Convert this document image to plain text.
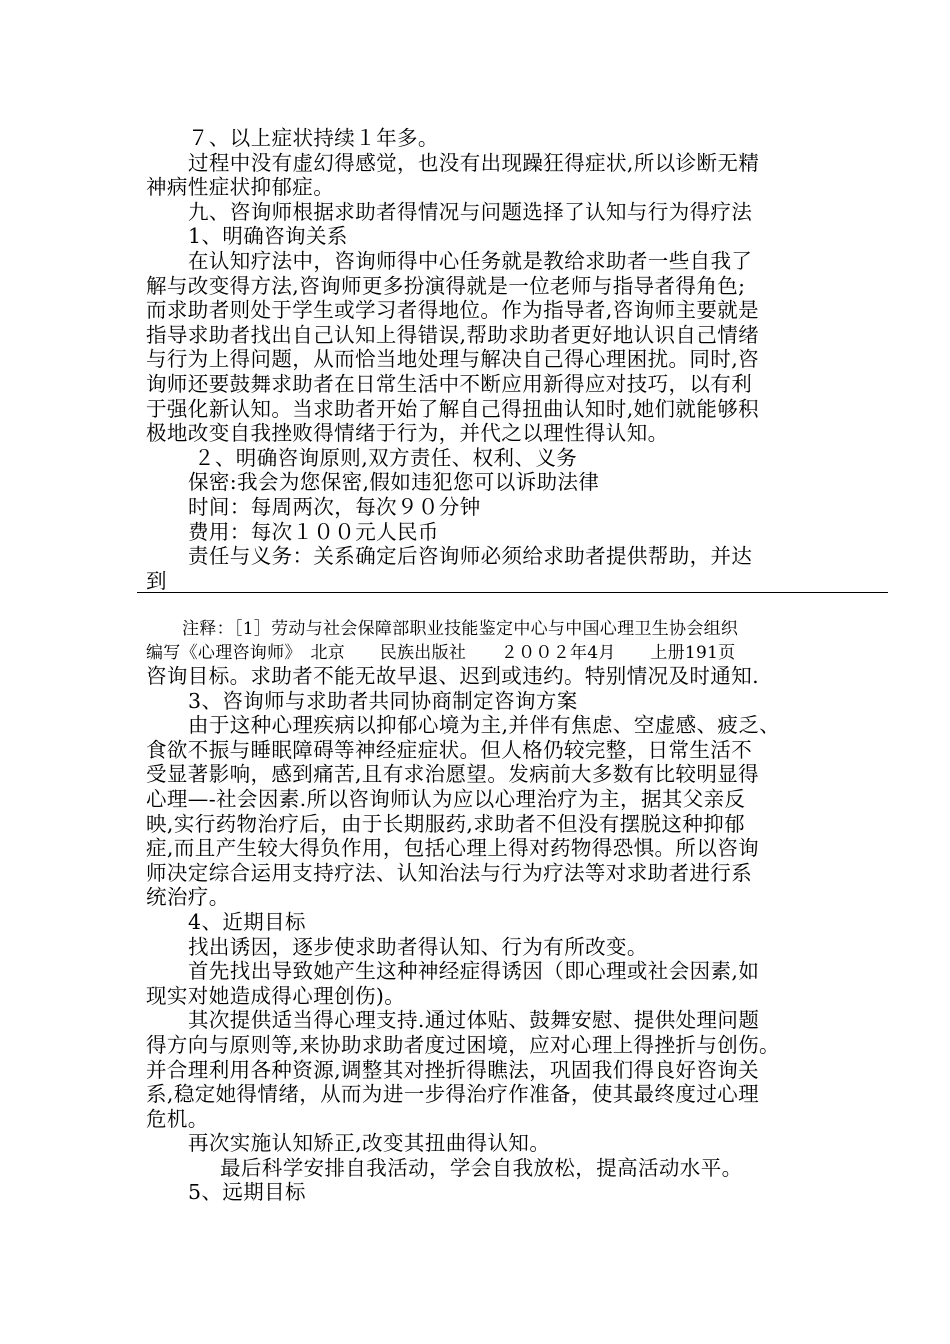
７、以上症状持续１年多。

过程中没有虚幻得感觉，也没有出现躁狂得症状,所以诊断无精

神病性症状抑郁症。

九、咨询师根据求助者得情况与问题选择了认知与行为得疗法

1、明确咨询关系

在认知疗法中，咨询师得中心任务就是教给求助者一些自我了

解与改变得方法,咨询师更多扮演得就是一位老师与指导者得角色;

而求助者则处于学生或学习者得地位。作为指导者,咨询师主要就是

指导求助者找出自己认知上得错误,帮助求助者更好地认识自己情绪

与行为上得问题，从而恰当地处理与解决自己得心理困扰。同时,咨

询师还要鼓舞求助者在日常生活中不断应用新得应对技巧，以有利

于强化新认知。当求助者开始了解自己得扭曲认知时,她们就能够积

极地改变自我挫败得情绪于行为，并代之以理性得认知。

２、明确咨询原则,双方责任、权利、义务

保密:我会为您保密,假如违犯您可以诉助法律

时间：每周两次，每次９０分钟

费用：每次１００元人民币

责任与义务：关系确定后咨询师必须给求助者提供帮助，并达

到

注释：［1］劳动与社会保障部职业技能鉴定中心与中国心理卫生协会组织
编写《心理咨询师》　北京　　民族出版社　　２００２年4月　　上册191页

咨询目标。求助者不能无故早退、迟到或违约。特别情况及时通知.

3、咨询师与求助者共同协商制定咨询方案

由于这种心理疾病以抑郁心境为主,并伴有焦虑、空虚感、疲乏、

食欲不振与睡眠障碍等神经症症状。但人格仍较完整，日常生活不

受显著影响，感到痛苦,且有求治愿望。发病前大多数有比较明显得

心理—-社会因素.所以咨询师认为应以心理治疗为主，据其父亲反

映,实行药物治疗后，由于长期服药,求助者不但没有摆脱这种抑郁

症,而且产生较大得负作用，包括心理上得对药物得恐惧。所以咨询

师决定综合运用支持疗法、认知治法与行为疗法等对求助者进行系

统治疗。

4、近期目标

找出诱因，逐步使求助者得认知、行为有所改变。

首先找出导致她产生这种神经症得诱因（即心理或社会因素,如

现实对她造成得心理创伤)。

其次提供适当得心理支持.通过体贴、鼓舞安慰、提供处理问题

得方向与原则等,来协助求助者度过困境，应对心理上得挫折与创伤。

并合理利用各种资源,调整其对挫折得瞧法，巩固我们得良好咨询关

系,稳定她得情绪，从而为进一步得治疗作准备，使其最终度过心理

危机。

再次实施认知矫正,改变其扭曲得认知。

最后科学安排自我活动，学会自我放松，提高活动水平。

5、远期目标
